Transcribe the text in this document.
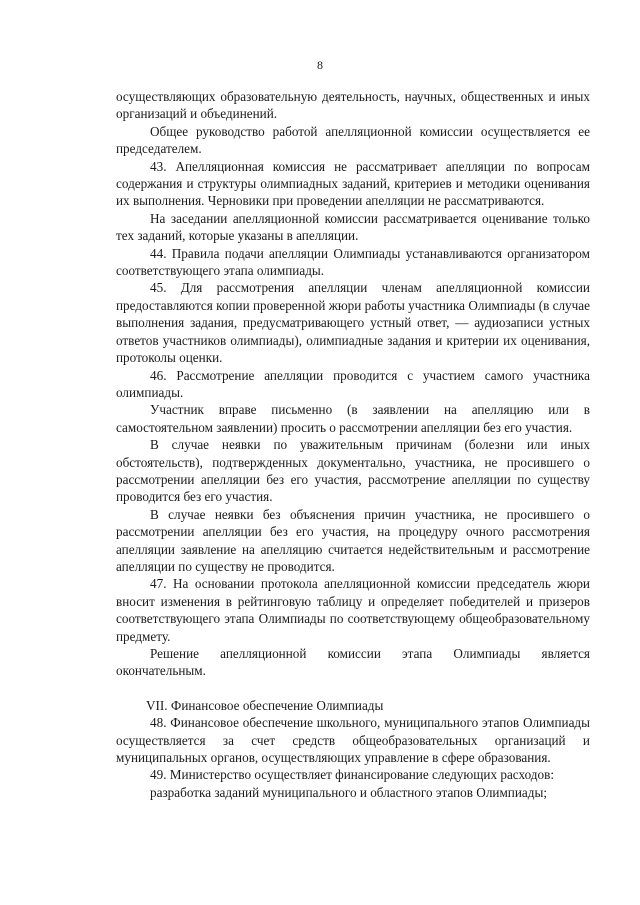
8

осуществляющих образовательную деятельность, научных, общественных и иных организаций и объединений.

Общее руководство работой апелляционной комиссии осуществляется ее председателем.

43. Апелляционная комиссия не рассматривает апелляции по вопросам содержания и структуры олимпиадных заданий, критериев и методики оценивания их выполнения. Черновики при проведении апелляции не рассматриваются.

На заседании апелляционной комиссии рассматривается оценивание только тех заданий, которые указаны в апелляции.

44. Правила подачи апелляции Олимпиады устанавливаются организатором соответствующего этапа олимпиады.

45. Для рассмотрения апелляции членам апелляционной комиссии предоставляются копии проверенной жюри работы участника Олимпиады (в случае выполнения задания, предусматривающего устный ответ, — аудиозаписи устных ответов участников олимпиады), олимпиадные задания и критерии их оценивания, протоколы оценки.

46. Рассмотрение апелляции проводится с участием самого участника олимпиады.

Участник вправе письменно (в заявлении на апелляцию или в самостоятельном заявлении) просить о рассмотрении апелляции без его участия.

В случае неявки по уважительным причинам (болезни или иных обстоятельств), подтвержденных документально, участника, не просившего о рассмотрении апелляции без его участия, рассмотрение апелляции по существу проводится без его участия.

В случае неявки без объяснения причин участника, не просившего о рассмотрении апелляции без его участия, на процедуру очного рассмотрения апелляции заявление на апелляцию считается недействительным и рассмотрение апелляции по существу не проводится.

47. На основании протокола апелляционной комиссии председатель жюри вносит изменения в рейтинговую таблицу и определяет победителей и призеров соответствующего этапа Олимпиады по соответствующему общеобразовательному предмету.

Решение апелляционной комиссии этапа Олимпиады является окончательным.

VII. Финансовое обеспечение Олимпиады

48. Финансовое обеспечение школьного, муниципального этапов Олимпиады осуществляется за счет средств общеобразовательных организаций и муниципальных органов, осуществляющих управление в сфере образования.

49. Министерство осуществляет финансирование следующих расходов:

разработка заданий муниципального и областного этапов Олимпиады;
